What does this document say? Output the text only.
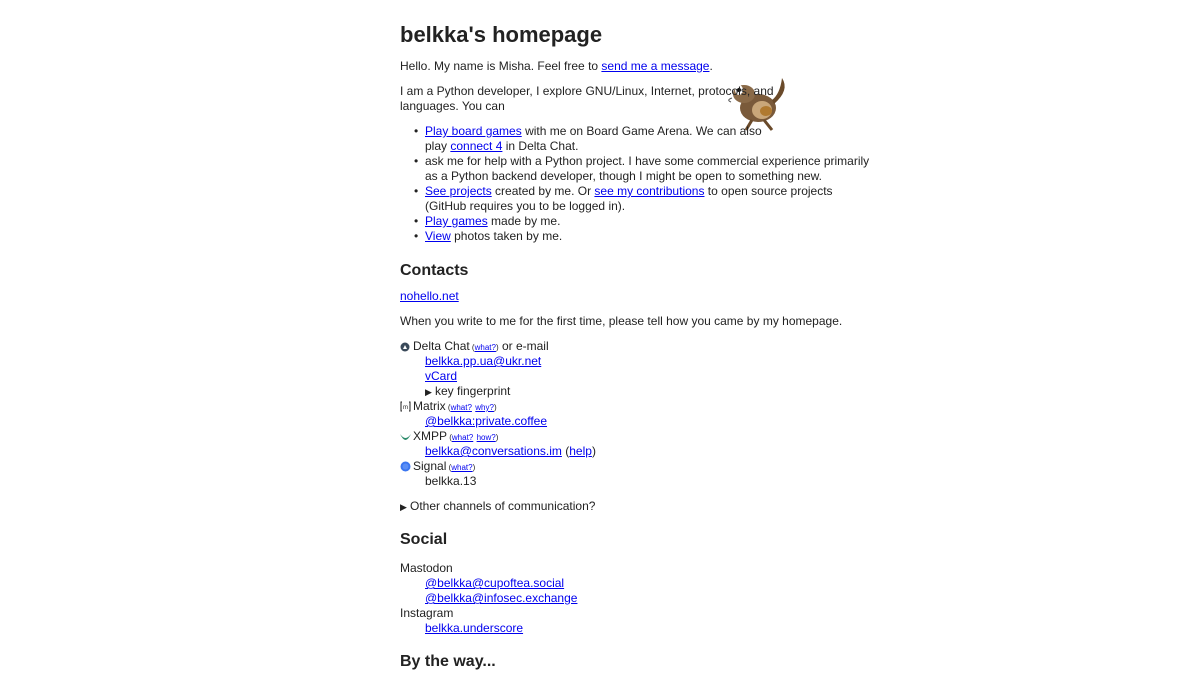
belkka's homepage
Hello. My name is Misha. Feel free to send me a message.
I am a Python developer, I explore GNU/Linux, Internet, protocols, and
languages. You can
• Play board games with me on Board Game Arena. We can also
play connect 4 in Delta Chat.
• ask me for help with a Python project. I have some commercial experience primarily
as a Python backend developer, though I might be open to something new.
• See projects created by me. Or see my contributions to open source projects
(GitHub requires you to be logged in).
• Play games made by me.
• View photos taken by me.
Contacts
nohello.net
When you write to me for the first time, please tell how you came by my homepage.
Delta Chat (what?) or e-mail
belkka.pp.ua@ukr.net
vCard
▶ key fingerprint
m Matrix (what? why?)
@belkka:private.coffee
XMPP (what? how?)
belkka@conversations.im (help)
Signal (what?)
belkka.13
▶ Other channels of communication?
Social
Mastodon
@belkka@cupoftea.social
@belkka@infosec.exchange
Instagram
belkka.underscore
By the way...
